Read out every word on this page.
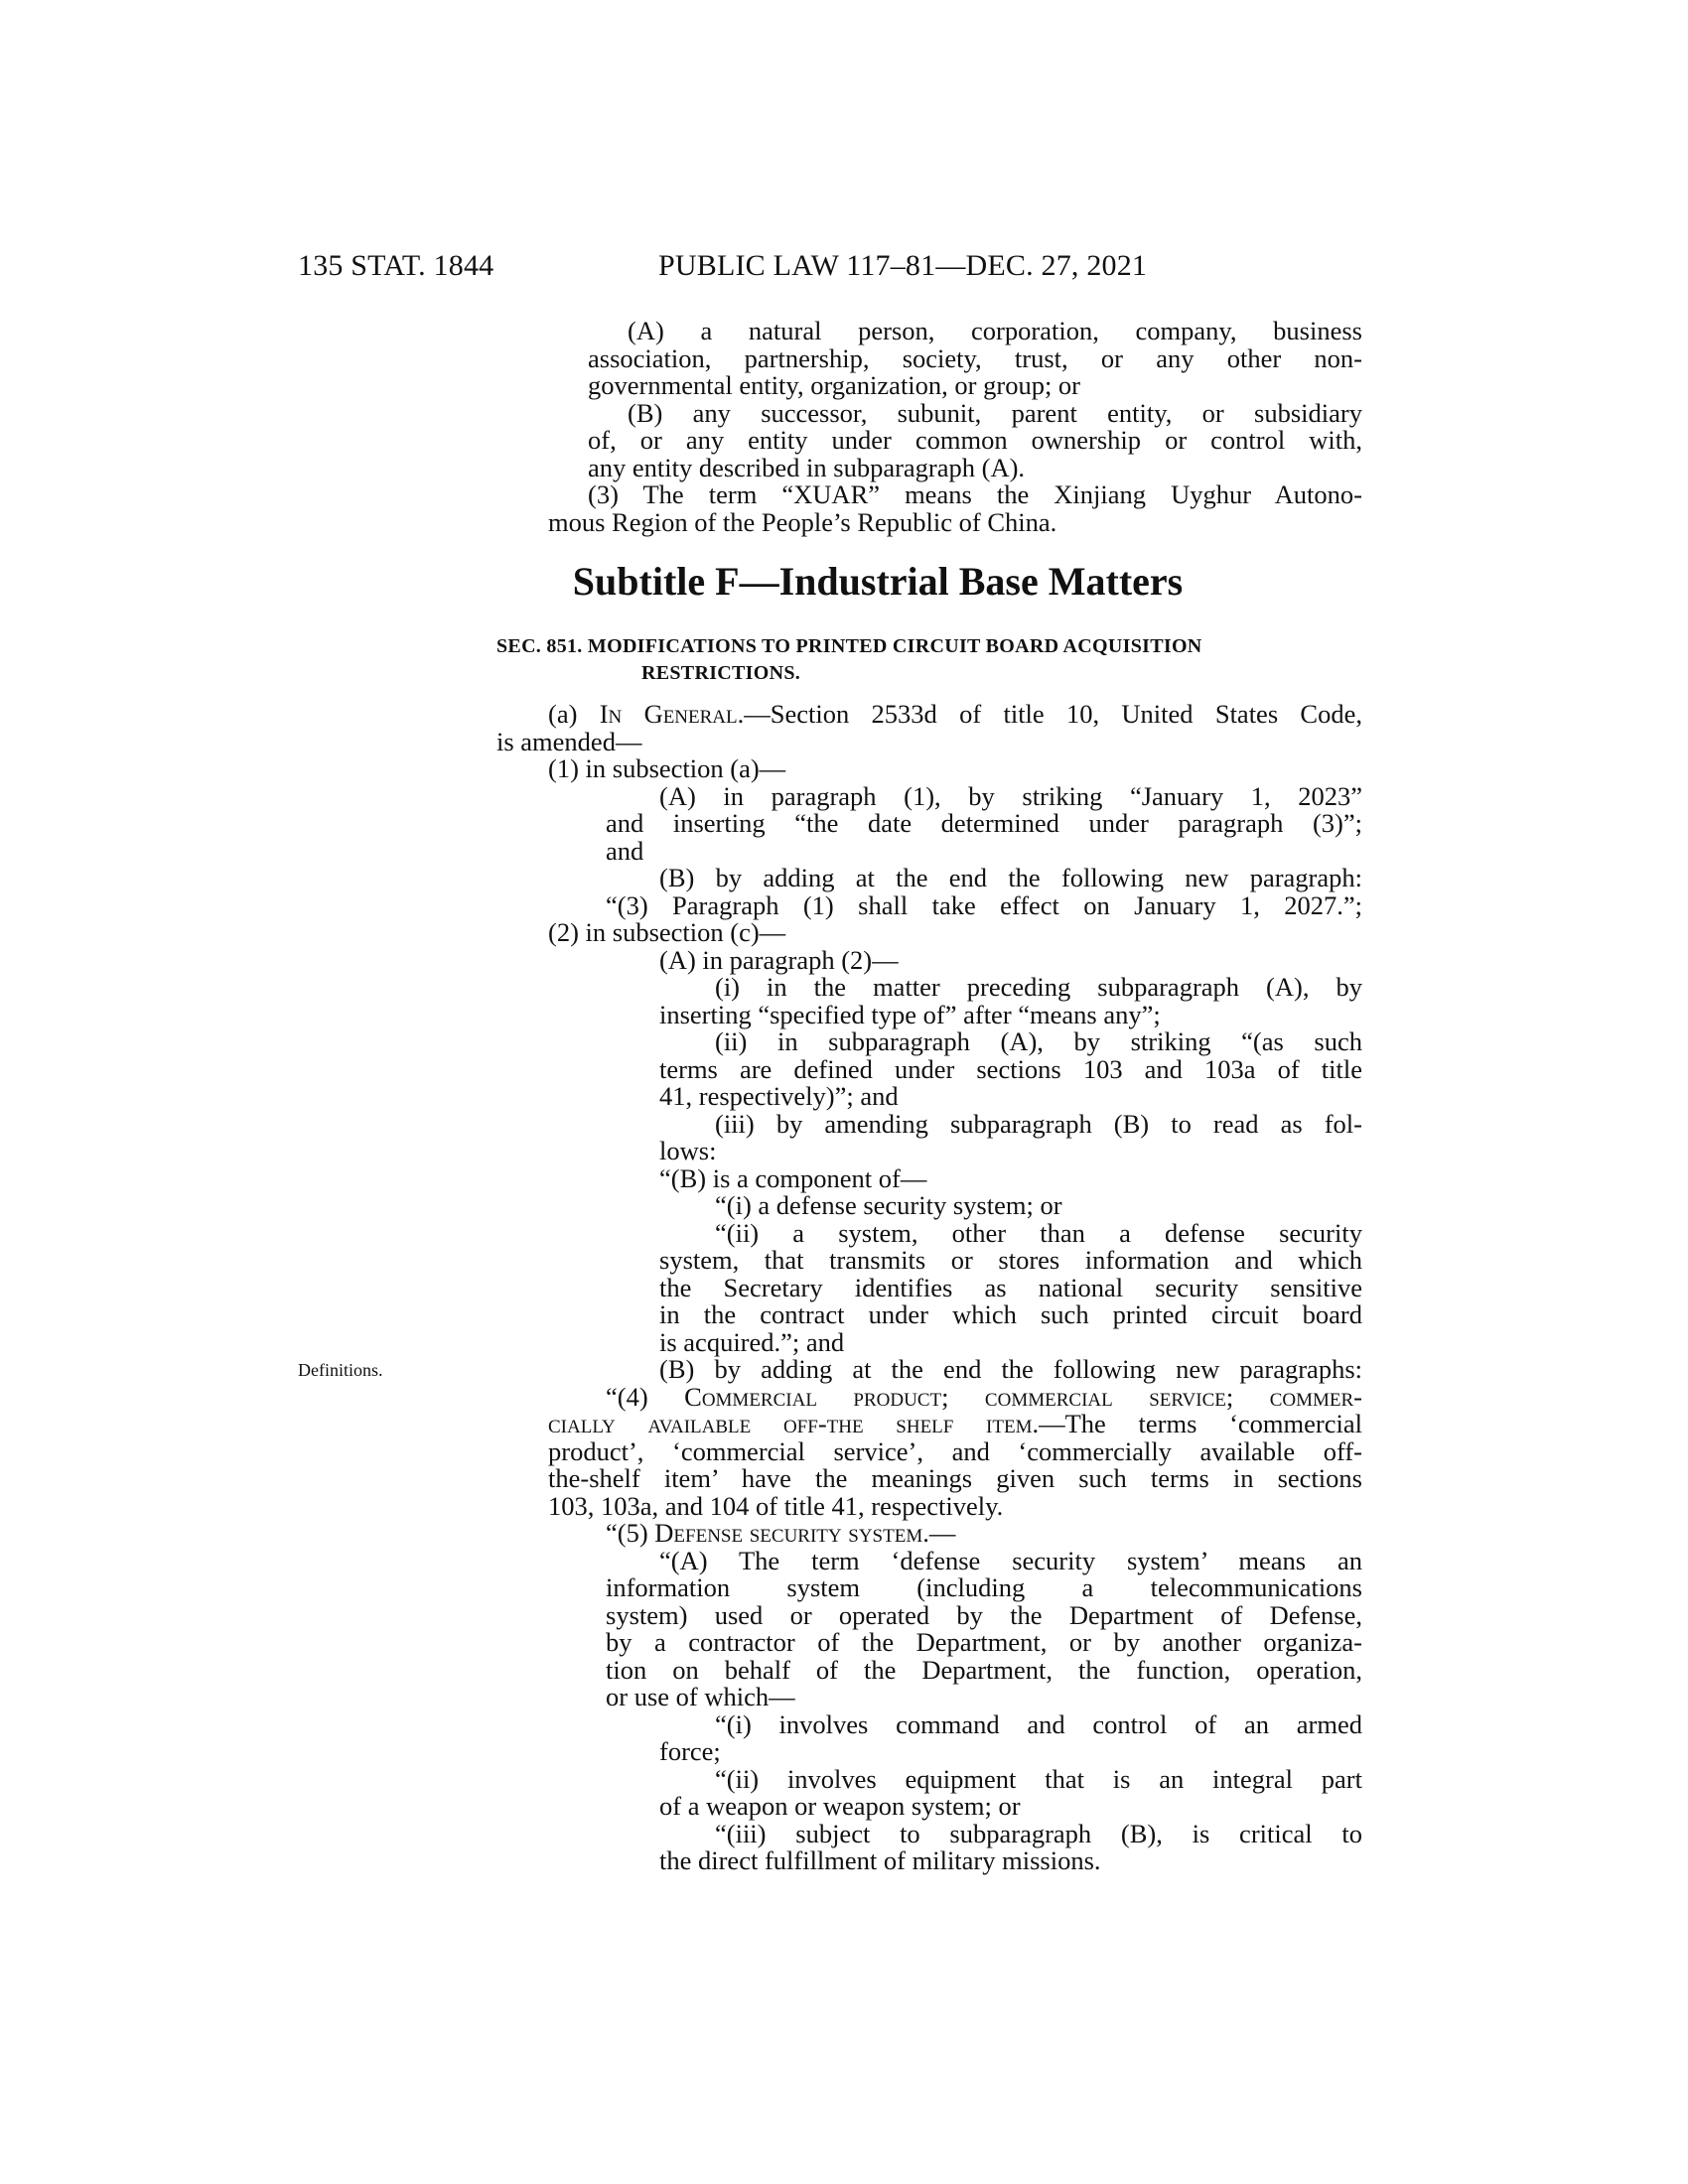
135 STAT. 1844	PUBLIC LAW 117–81—DEC. 27, 2021
(A) a natural person, corporation, company, business
association, partnership, society, trust, or any other non-
governmental entity, organization, or group; or
(B) any successor, subunit, parent entity, or subsidiary
of, or any entity under common ownership or control with,
any entity described in subparagraph (A).
(3) The term “XUAR” means the Xinjiang Uyghur Autono-
mous Region of the People’s Republic of China.
Subtitle F—Industrial Base Matters
SEC. 851. MODIFICATIONS TO PRINTED CIRCUIT BOARD ACQUISITION
RESTRICTIONS.
(a) In General.—Section 2533d of title 10, United States Code,
is amended—
(1) in subsection (a)—
(A) in paragraph (1), by striking “January 1, 2023”
and inserting “the date determined under paragraph (3)”;
and
(B) by adding at the end the following new paragraph:
“(3) Paragraph (1) shall take effect on January 1, 2027.”;
(2) in subsection (c)—
(A) in paragraph (2)—
(i) in the matter preceding subparagraph (A), by
inserting “specified type of” after “means any”;
(ii) in subparagraph (A), by striking “(as such
terms are defined under sections 103 and 103a of title
41, respectively)”; and
(iii) by amending subparagraph (B) to read as fol-
lows:
“(B) is a component of—
“(i) a defense security system; or
“(ii) a system, other than a defense security
system, that transmits or stores information and which
the Secretary identifies as national security sensitive
in the contract under which such printed circuit board
is acquired.”; and
Definitions.	(B) by adding at the end the following new paragraphs:
“(4) Commercial product; commercial service; commer-
cially available off-the shelf item.—The terms ‘commercial
product’, ‘commercial service’, and ‘commercially available off-
the-shelf item’ have the meanings given such terms in sections
103, 103a, and 104 of title 41, respectively.
“(5) Defense security system.—
“(A) The term ‘defense security system’ means an
information system (including a telecommunications
system) used or operated by the Department of Defense,
by a contractor of the Department, or by another organiza-
tion on behalf of the Department, the function, operation,
or use of which—
“(i) involves command and control of an armed
force;
“(ii) involves equipment that is an integral part
of a weapon or weapon system; or
“(iii) subject to subparagraph (B), is critical to
the direct fulfillment of military missions.
